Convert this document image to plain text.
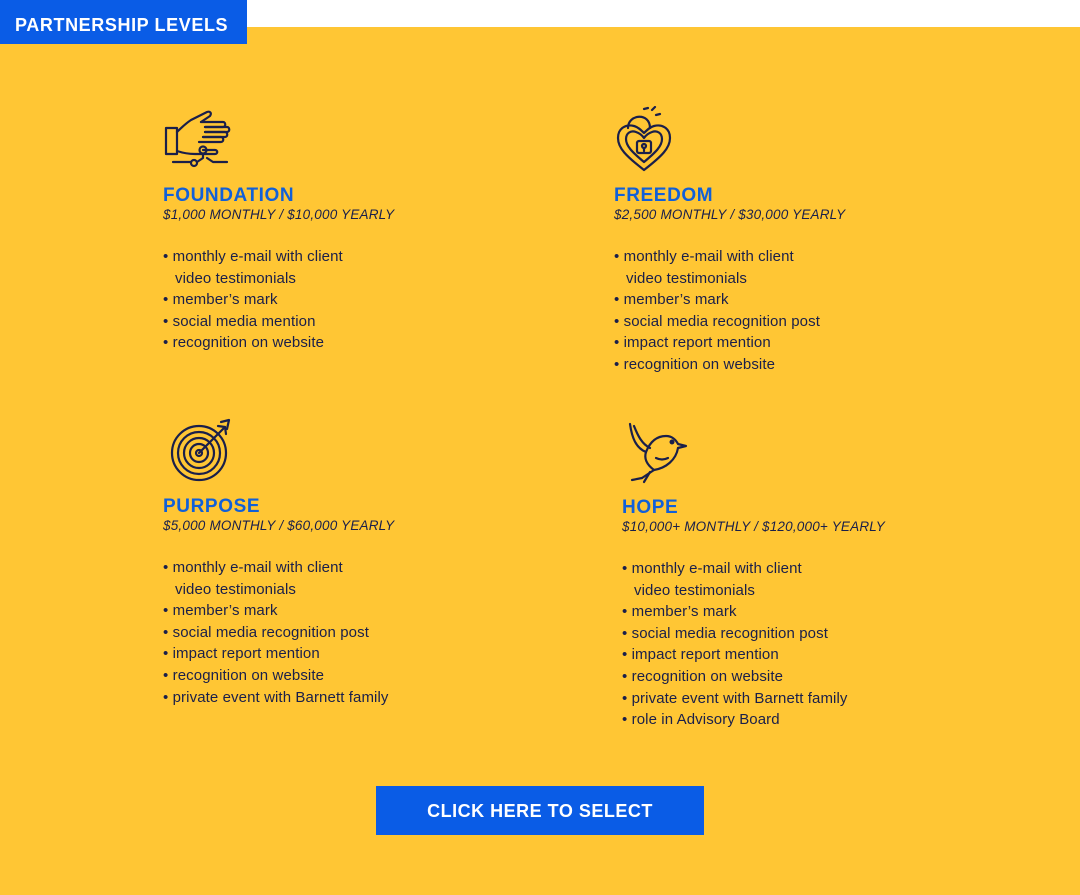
PARTNERSHIP LEVELS
FOUNDATION
$1,000 MONTHLY / $10,000 YEARLY
• monthly e-mail with client
video testimonials
• member’s mark
• social media mention
• recognition on website
FREEDOM
$2,500 MONTHLY / $30,000 YEARLY
• monthly e-mail with client
video testimonials
• member’s mark
• social media recognition post
• impact report mention
• recognition on website
PURPOSE
$5,000 MONTHLY / $60,000 YEARLY
• monthly e-mail with client
video testimonials
• member’s mark
• social media recognition post
• impact report mention
• recognition on website
• private event with Barnett family
HOPE
$10,000+ MONTHLY / $120,000+ YEARLY
• monthly e-mail with client
video testimonials
• member’s mark
• social media recognition post
• impact report mention
• recognition on website
• private event with Barnett family
• role in Advisory Board
CLICK HERE TO SELECT
